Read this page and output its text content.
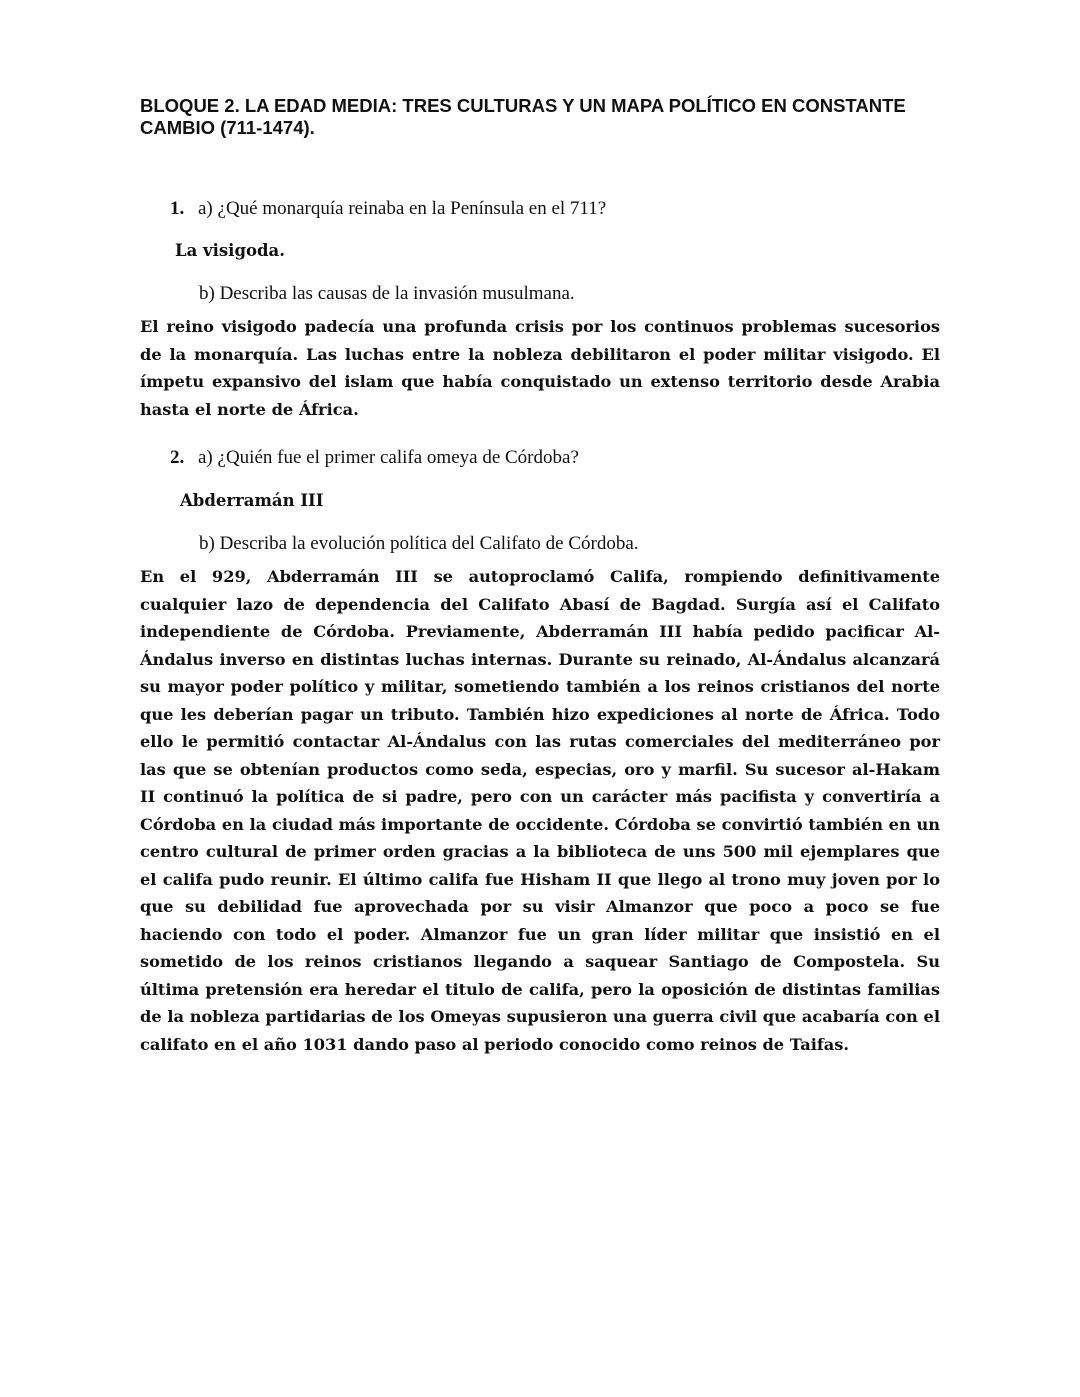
BLOQUE 2. LA EDAD MEDIA: TRES CULTURAS Y UN MAPA POLÍTICO EN CONSTANTE CAMBIO (711-1474).
1. a) ¿Qué monarquía reinaba en la Península en el 711?
La visigoda.
b) Describa las causas de la invasión musulmana.

El reino visigodo padecía una profunda crisis por los continuos problemas sucesorios de la monarquía. Las luchas entre la nobleza debilitaron el poder militar visigodo. El ímpetu expansivo del islam que había conquistado un extenso territorio desde Arabia hasta el norte de África.

2. a) ¿Quién fue el primer califa omeya de Córdoba?
Abderramán III
b) Describa la evolución política del Califato de Córdoba.

En el 929, Abderramán III se autoproclamó Califa, rompiendo definitivamente cualquier lazo de dependencia del Califato Abasí de Bagdad. Surgía así el Califato independiente de Córdoba. Previamente, Abderramán III había pedido pacificar Al-Ándalus inverso en distintas luchas internas. Durante su reinado, Al-Ándalus alcanzará su mayor poder político y militar, sometiendo también a los reinos cristianos del norte que les deberían pagar un tributo. También hizo expediciones al norte de África. Todo ello le permitió contactar Al-Ándalus con las rutas comerciales del mediterráneo por las que se obtenían productos como seda, especias, oro y marfil. Su sucesor al-Hakam II continuó la política de si padre, pero con un carácter más pacifista y convertiría a Córdoba en la ciudad más importante de occidente. Córdoba se convirtió también en un centro cultural de primer orden gracias a la biblioteca de uns 500 mil ejemplares que el califa pudo reunir. El último califa fue Hisham II que llego al trono muy joven por lo que su debilidad fue aprovechada por su visir Almanzor que poco a poco se fue haciendo con todo el poder. Almanzor fue un gran líder militar que insistió en el sometido de los reinos cristianos llegando a saquear Santiago de Compostela. Su última pretensión era heredar el titulo de califa, pero la oposición de distintas familias de la nobleza partidarias de los Omeyas supusieron una guerra civil que acabaría con el califato en el año 1031 dando paso al periodo conocido como reinos de Taifas.
